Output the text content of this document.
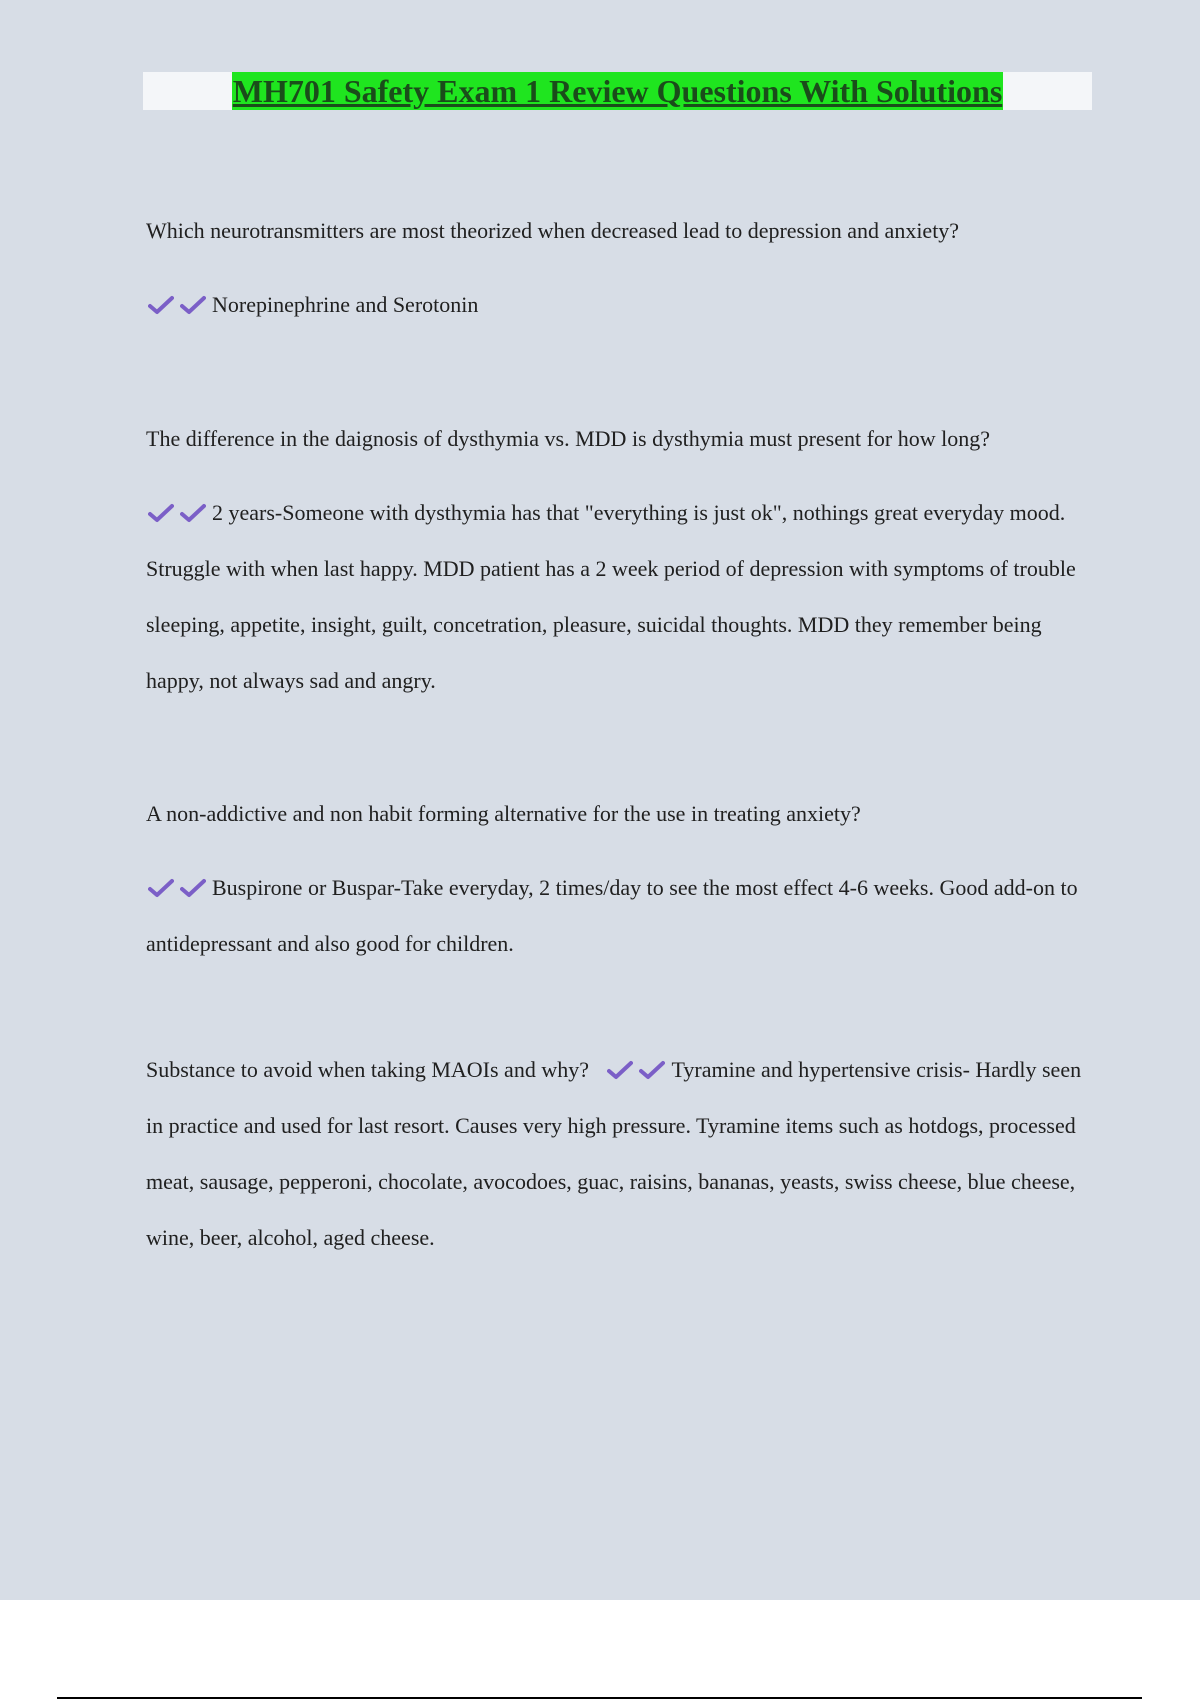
MH701 Safety Exam 1 Review Questions With Solutions

Which neurotransmitters are most theorized when decreased lead to depression and anxiety?

Norepinephrine and Serotonin

The difference in the daignosis of dysthymia vs. MDD is dysthymia must present for how long?

2 years-Someone with dysthymia has that "everything is just ok", nothings great everyday mood. Struggle with when last happy. MDD patient has a 2 week period of depression with symptoms of trouble sleeping, appetite, insight, guilt, concetration, pleasure, suicidal thoughts. MDD they remember being happy, not always sad and angry.

A non-addictive and non habit forming alternative for the use in treating anxiety?

Buspirone or Buspar-Take everyday, 2 times/day to see the most effect 4-6 weeks. Good add-on to antidepressant and also good for children.

Substance to avoid when taking MAOIs and why?	Tyramine and hypertensive crisis- Hardly seen in practice and used for last resort. Causes very high pressure. Tyramine items such as hotdogs, processed meat, sausage, pepperoni, chocolate, avocodoes, guac, raisins, bananas, yeasts, swiss cheese, blue cheese, wine, beer, alcohol, aged cheese.
